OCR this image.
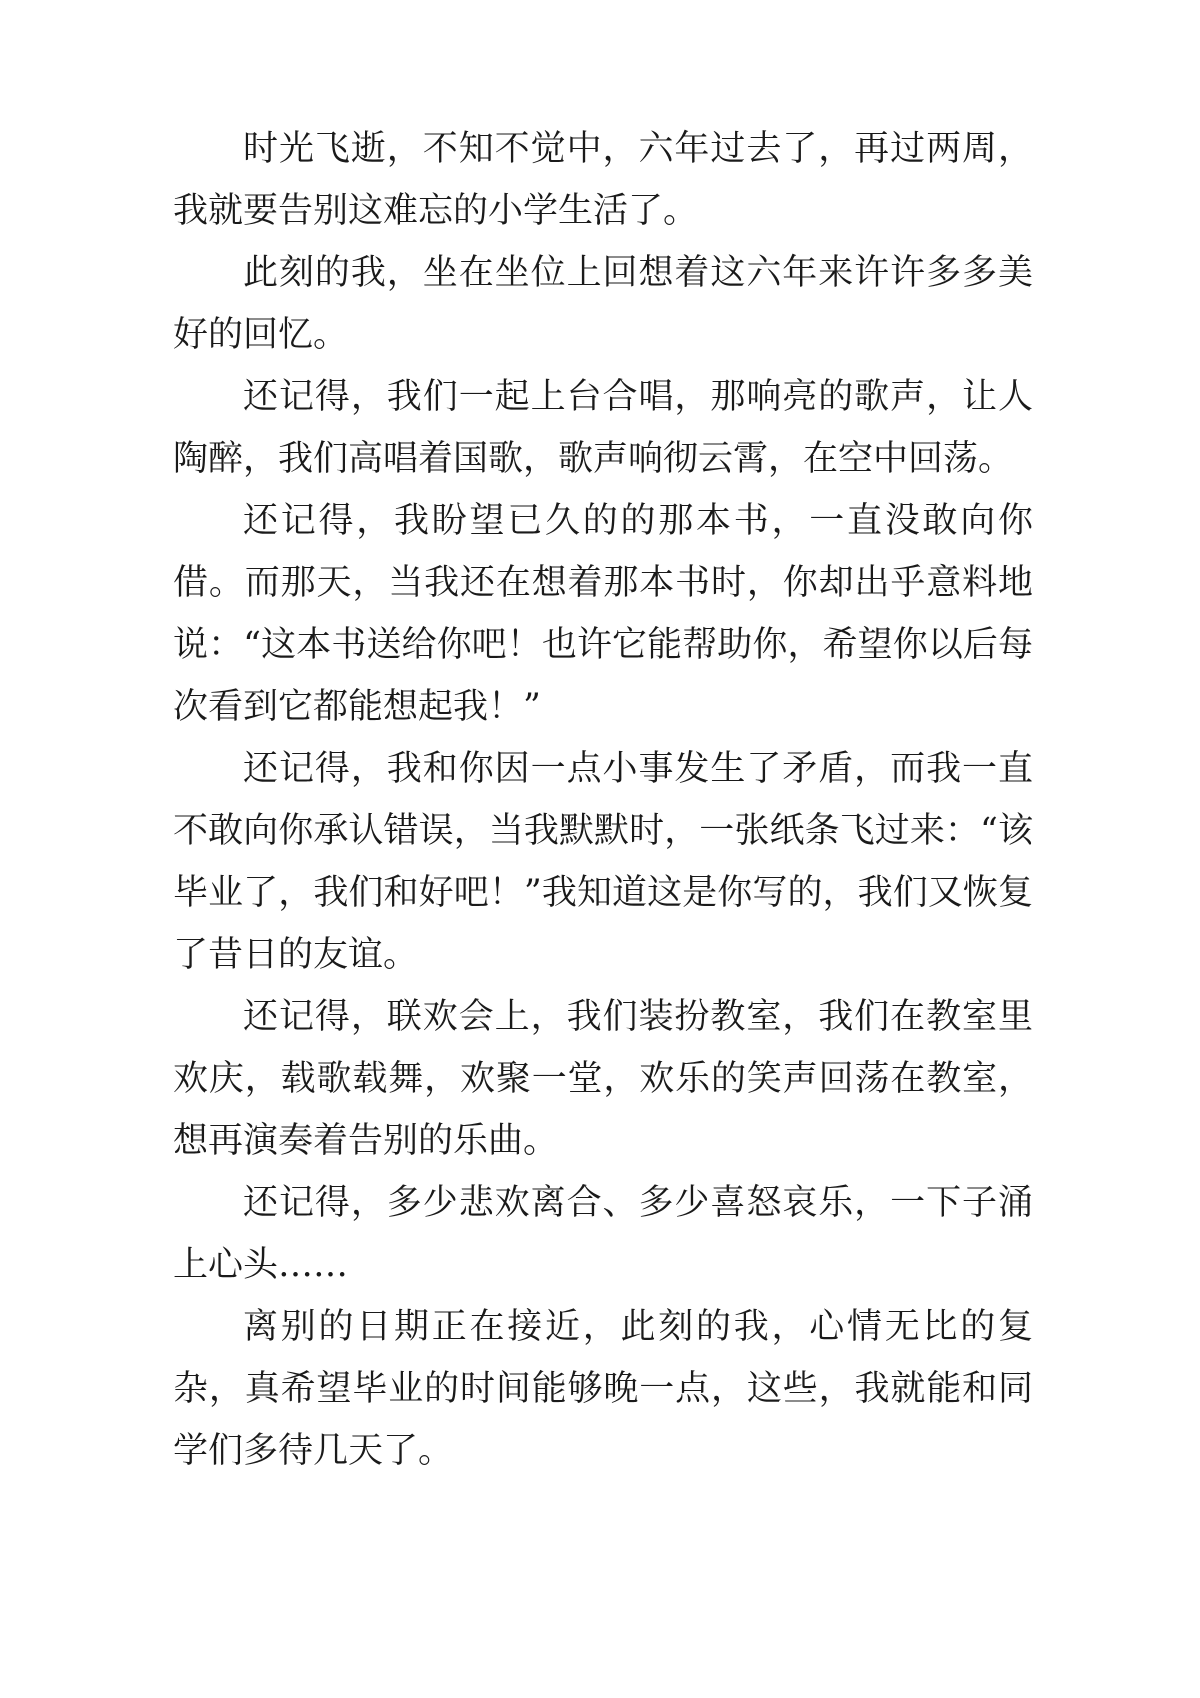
时光飞逝，不知不觉中，六年过去了，再过两周，我就要告别这难忘的小学生活了。

此刻的我，坐在坐位上回想着这六年来许许多多美好的回忆。

还记得，我们一起上台合唱，那响亮的歌声，让人陶醉，我们高唱着国歌，歌声响彻云霄，在空中回荡。

还记得，我盼望已久的的那本书，一直没敢向你借。而那天，当我还在想着那本书时，你却出乎意料地说：“这本书送给你吧！也许它能帮助你，希望你以后每次看到它都能想起我！”

还记得，我和你因一点小事发生了矛盾，而我一直不敢向你承认错误，当我默默时，一张纸条飞过来：“该毕业了，我们和好吧！”我知道这是你写的，我们又恢复了昔日的友谊。

还记得，联欢会上，我们装扮教室，我们在教室里欢庆，载歌载舞，欢聚一堂，欢乐的笑声回荡在教室，想再演奏着告别的乐曲。

还记得，多少悲欢离合、多少喜怒哀乐，一下子涌上心头……

离别的日期正在接近，此刻的我，心情无比的复杂，真希望毕业的时间能够晚一点，这些，我就能和同学们多待几天了。
